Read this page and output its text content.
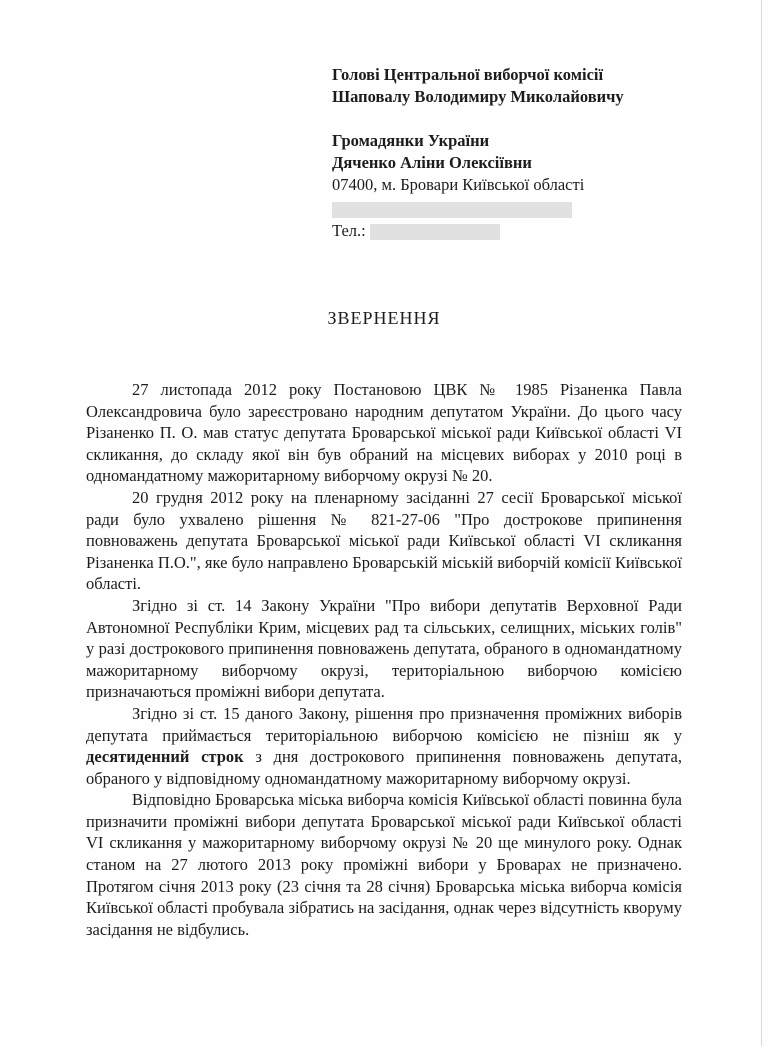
Голові Центральної виборчої комісії
Шаповалу Володимиру Миколайовичу
Громадянки України
Дяченко Аліни Олексіївни
07400, м. Бровари Київської області
Тел.:
ЗВЕРНЕННЯ

27 листопада 2012 року Постановою ЦВК № 1985 Різаненка Павла Олександровича було зареєстровано народним депутатом України. До цього часу Різаненко П. О. мав статус депутата Броварської міської ради Київської області VI скликання, до складу якої він був обраний на місцевих виборах у 2010 році в одномандатному мажоритарному виборчому окрузі № 20.

20 грудня 2012 року на пленарному засіданні 27 сесії Броварської міської ради було ухвалено рішення № 821-27-06 "Про дострокове припинення повноважень депутата Броварської міської ради Київської області VI скликання Різаненка П.О.", яке було направлено Броварській міській виборчій комісії Київської області.

Згідно зі ст. 14 Закону України "Про вибори депутатів Верховної Ради Автономної Республіки Крим, місцевих рад та сільських, селищних, міських голів" у разі дострокового припинення повноважень депутата, обраного в одномандатному мажоритарному виборчому окрузі, територіальною виборчою комісією призначаються проміжні вибори депутата.

Згідно зі ст. 15 даного Закону, рішення про призначення проміжних виборів депутата приймається територіальною виборчою комісією не пізніш як у десятиденний строк з дня дострокового припинення повноважень депутата, обраного у відповідному одномандатному мажоритарному виборчому окрузі.

Відповідно Броварська міська виборча комісія Київської області повинна була призначити проміжні вибори депутата Броварської міської ради Київської області VI скликання у мажоритарному виборчому окрузі № 20 ще минулого року. Однак станом на 27 лютого 2013 року проміжні вибори у Броварах не призначено. Протягом січня 2013 року (23 січня та 28 січня) Броварська міська виборча комісія Київської області пробувала зібратись на засідання, однак через відсутність кворуму засідання не відбулись.
